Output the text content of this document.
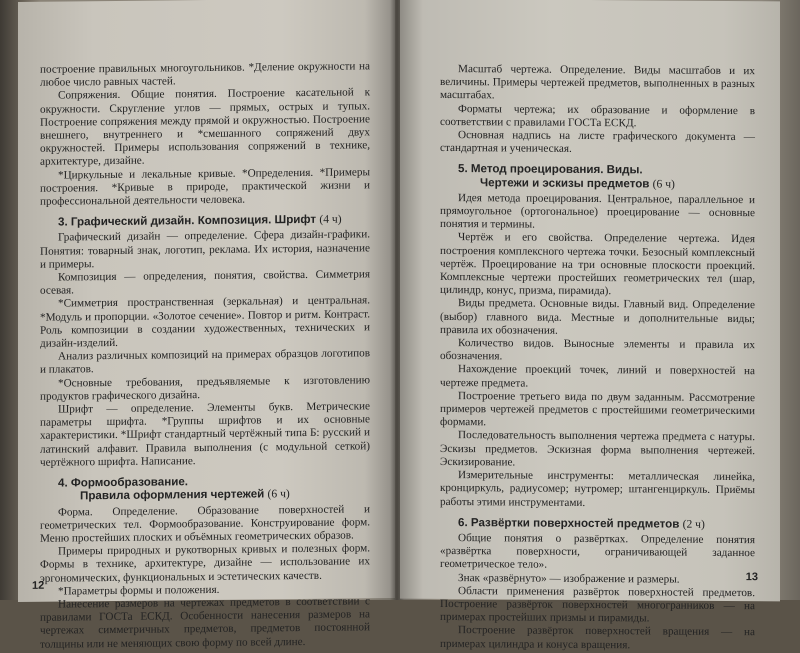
построение правильных многоугольников. *Деление окружности на любое число равных частей.

Сопряжения. Общие понятия. Построение касательной к окружности. Скругление углов — прямых, острых и тупых. Построение сопряжения между прямой и окружностью. Построение внешнего, внутреннего и *смешанного сопряжений двух окружностей. Примеры использования сопряжений в технике, архитектуре, дизайне.

*Циркульные и лекальные кривые. *Определения. *Примеры построения. *Кривые в природе, практической жизни и профессиональной деятельности человека.

3. Графический дизайн. Композиция. Шрифт (4 ч)

Графический дизайн — определение. Сфера дизайн-графики. Понятия: товарный знак, логотип, реклама. Их история, назначение и примеры.

Композиция — определения, понятия, свойства. Симметрия осевая.

*Симметрия пространственная (зеркальная) и центральная. *Модуль и пропорции. «Золотое сечение». Повтор и ритм. Контраст. Роль композиции в создании художественных, технических и дизайн-изделий.

Анализ различных композиций на примерах образцов логотипов и плакатов.

*Основные требования, предъявляемые к изготовлению продуктов графического дизайна.

Шрифт — определение. Элементы букв. Метрические параметры шрифта. *Группы шрифтов и их основные характеристики. *Шрифт стандартный чертёжный типа Б: русский и латинский алфавит. Правила выполнения (с модульной сеткой) чертёжного шрифта. Написание.

4. Формообразование.
Правила оформления чертежей (6 ч)

Форма. Определение. Образование поверхностей и геометрических тел. Формообразование. Конструирование форм. Меню простейших плоских и объёмных геометрических образов.

Примеры природных и рукотворных кривых и полезных форм. Формы в технике, архитектуре, дизайне — использование их эргономических, функциональных и эстетических качеств.

*Параметры формы и положения.

Нанесение размеров на чертежах предметов в соответствии с правилами ГОСТа ЕСКД. Особенности нанесения размеров на чертежах симметричных предметов, предметов постоянной толщины или не меняющих свою форму по всей длине.

12

Масштаб чертежа. Определение. Виды масштабов и их величины. Примеры чертежей предметов, выполненных в разных масштабах.

Форматы чертежа; их образование и оформление в соответствии с правилами ГОСТа ЕСКД.

Основная надпись на листе графического документа — стандартная и ученическая.

5. Метод проецирования. Виды.
Чертежи и эскизы предметов (6 ч)

Идея метода проецирования. Центральное, параллельное и прямоугольное (ортогональное) проецирование — основные понятия и термины.

Чертёж и его свойства. Определение чертежа. Идея построения комплексного чертежа точки. Безосный комплексный чертёж. Проецирование на три основные плоскости проекций. Комплексные чертежи простейших геометрических тел (шар, цилиндр, конус, призма, пирамида).

Виды предмета. Основные виды. Главный вид. Определение (выбор) главного вида. Местные и дополнительные виды; правила их обозначения.

Количество видов. Выносные элементы и правила их обозначения.

Нахождение проекций точек, линий и поверхностей на чертеже предмета.

Построение третьего вида по двум заданным. Рассмотрение примеров чертежей предметов с простейшими геометрическими формами.

Последовательность выполнения чертежа предмета с натуры. Эскизы предметов. Эскизная форма выполнения чертежей. Эскизирование.

Измерительные инструменты: металлическая линейка, кронциркуль, радиусомер; нутромер; штангенциркуль. Приёмы работы этими инструментами.

6. Развёртки поверхностей предметов (2 ч)

Общие понятия о развёртках. Определение понятия «развёртка поверхности, ограничивающей заданное геометрическое тело».

Знак «развёрнуто» — изображение и размеры.

Области применения развёрток поверхностей предметов. Построение развёрток поверхностей многогранников — на примерах простейших призмы и пирамиды.

Построение развёрток поверхностей вращения — на примерах цилиндра и конуса вращения.

13
